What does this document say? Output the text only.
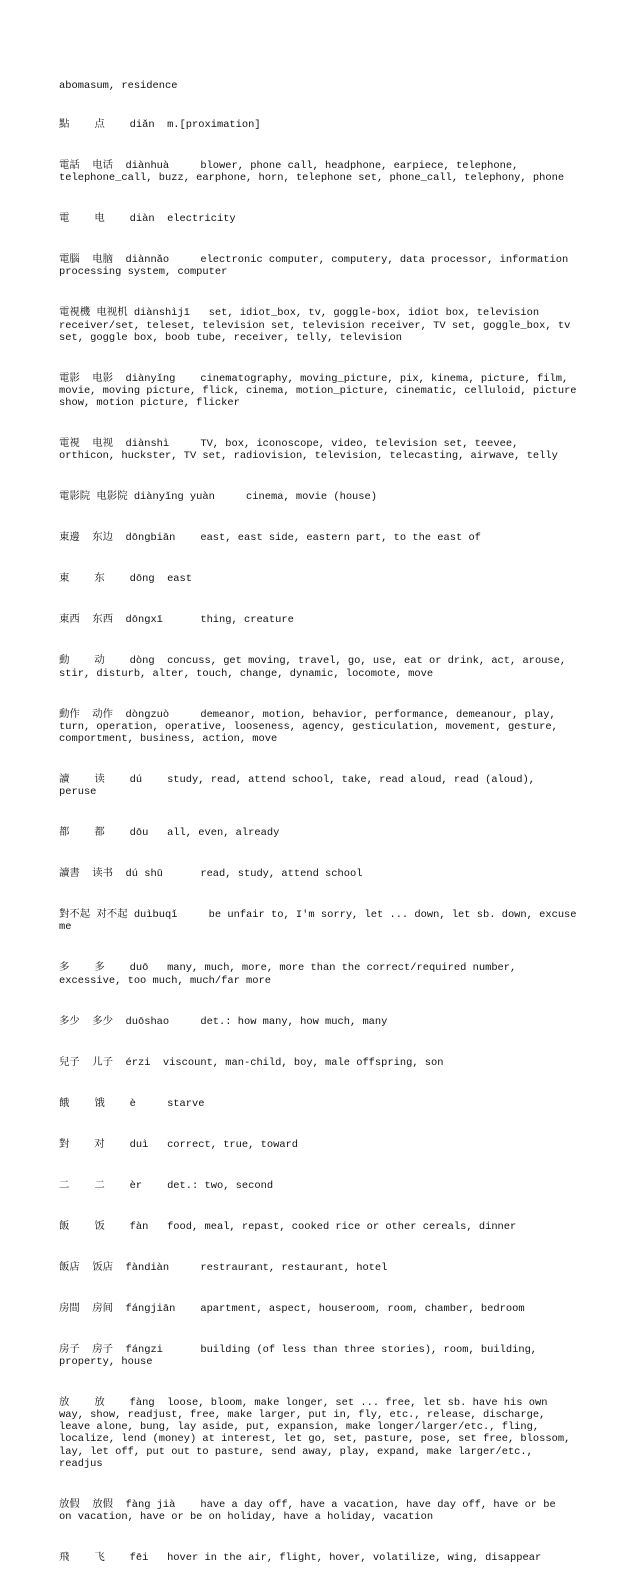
abomasum, residence

點    点    diǎn  m.[proximation]

電話  电话  diànhuà     blower, phone call, headphone, earpiece, telephone,
telephone_call, buzz, earphone, horn, telephone set, phone_call, telephony, phone

電    电    diàn  electricity

電腦  电脑  diànnǎo     electronic computer, computery, data processor, information
processing system, computer

電視機 电视机 diànshìjī   set, idiot_box, tv, goggle-box, idiot box, television
receiver/set, teleset, television set, television receiver, TV set, goggle_box, tv
set, goggle box, boob tube, receiver, telly, television

電影  电影  diànyǐng    cinematography, moving_picture, pix, kinema, picture, film,
movie, moving picture, flick, cinema, motion_picture, cinematic, celluloid, picture
show, motion picture, flicker

電視  电视  diànshì     TV, box, iconoscope, video, television set, teevee,
orthicon, huckster, TV set, radiovision, television, telecasting, airwave, telly

電影院 电影院 diànyǐng yuàn     cinema, movie (house)

東邊  东边  dōngbiān    east, east side, eastern part, to the east of

東    东    dōng  east

東西  东西  dōngxī      thing, creature

動    动    dòng  concuss, get moving, travel, go, use, eat or drink, act, arouse,
stir, disturb, alter, touch, change, dynamic, locomote, move

動作  动作  dòngzuò     demeanor, motion, behavior, performance, demeanour, play,
turn, operation, operative, looseness, agency, gesticulation, movement, gesture,
comportment, business, action, move

讀    读    dú    study, read, attend school, take, read aloud, read (aloud),
peruse

都    都    dōu   all, even, already

讀書  读书  dú shū      read, study, attend school

對不起 对不起 duìbuqǐ     be unfair to, I'm sorry, let ... down, let sb. down, excuse
me

多    多    duō   many, much, more, more than the correct/required number,
excessive, too much, much/far more

多少  多少  duōshao     det.: how many, how much, many

兒子  儿子  érzi  viscount, man-child, boy, male offspring, son

餓    饿    è     starve

對    对    duì   correct, true, toward

二    二    èr    det.: two, second

飯    饭    fàn   food, meal, repast, cooked rice or other cereals, dinner

飯店  饭店  fàndiàn     restraurant, restaurant, hotel

房間  房间  fángjiān    apartment, aspect, houseroom, room, chamber, bedroom

房子  房子  fángzi      building (of less than three stories), room, building,
property, house

放    放    fàng  loose, bloom, make longer, set ... free, let sb. have his own
way, show, readjust, free, make larger, put in, fly, etc., release, discharge,
leave alone, bung, lay aside, put, expansion, make longer/larger/etc., fling,
localize, lend (money) at interest, let go, set, pasture, pose, set free, blossom,
lay, let off, put out to pasture, send away, play, expand, make larger/etc.,
readjus

放假  放假  fàng jià    have a day off, have a vacation, have day off, have or be
on vacation, have or be on holiday, have a holiday, vacation

飛    飞    fēi   hover in the air, flight, hover, volatilize, wing, disappear
